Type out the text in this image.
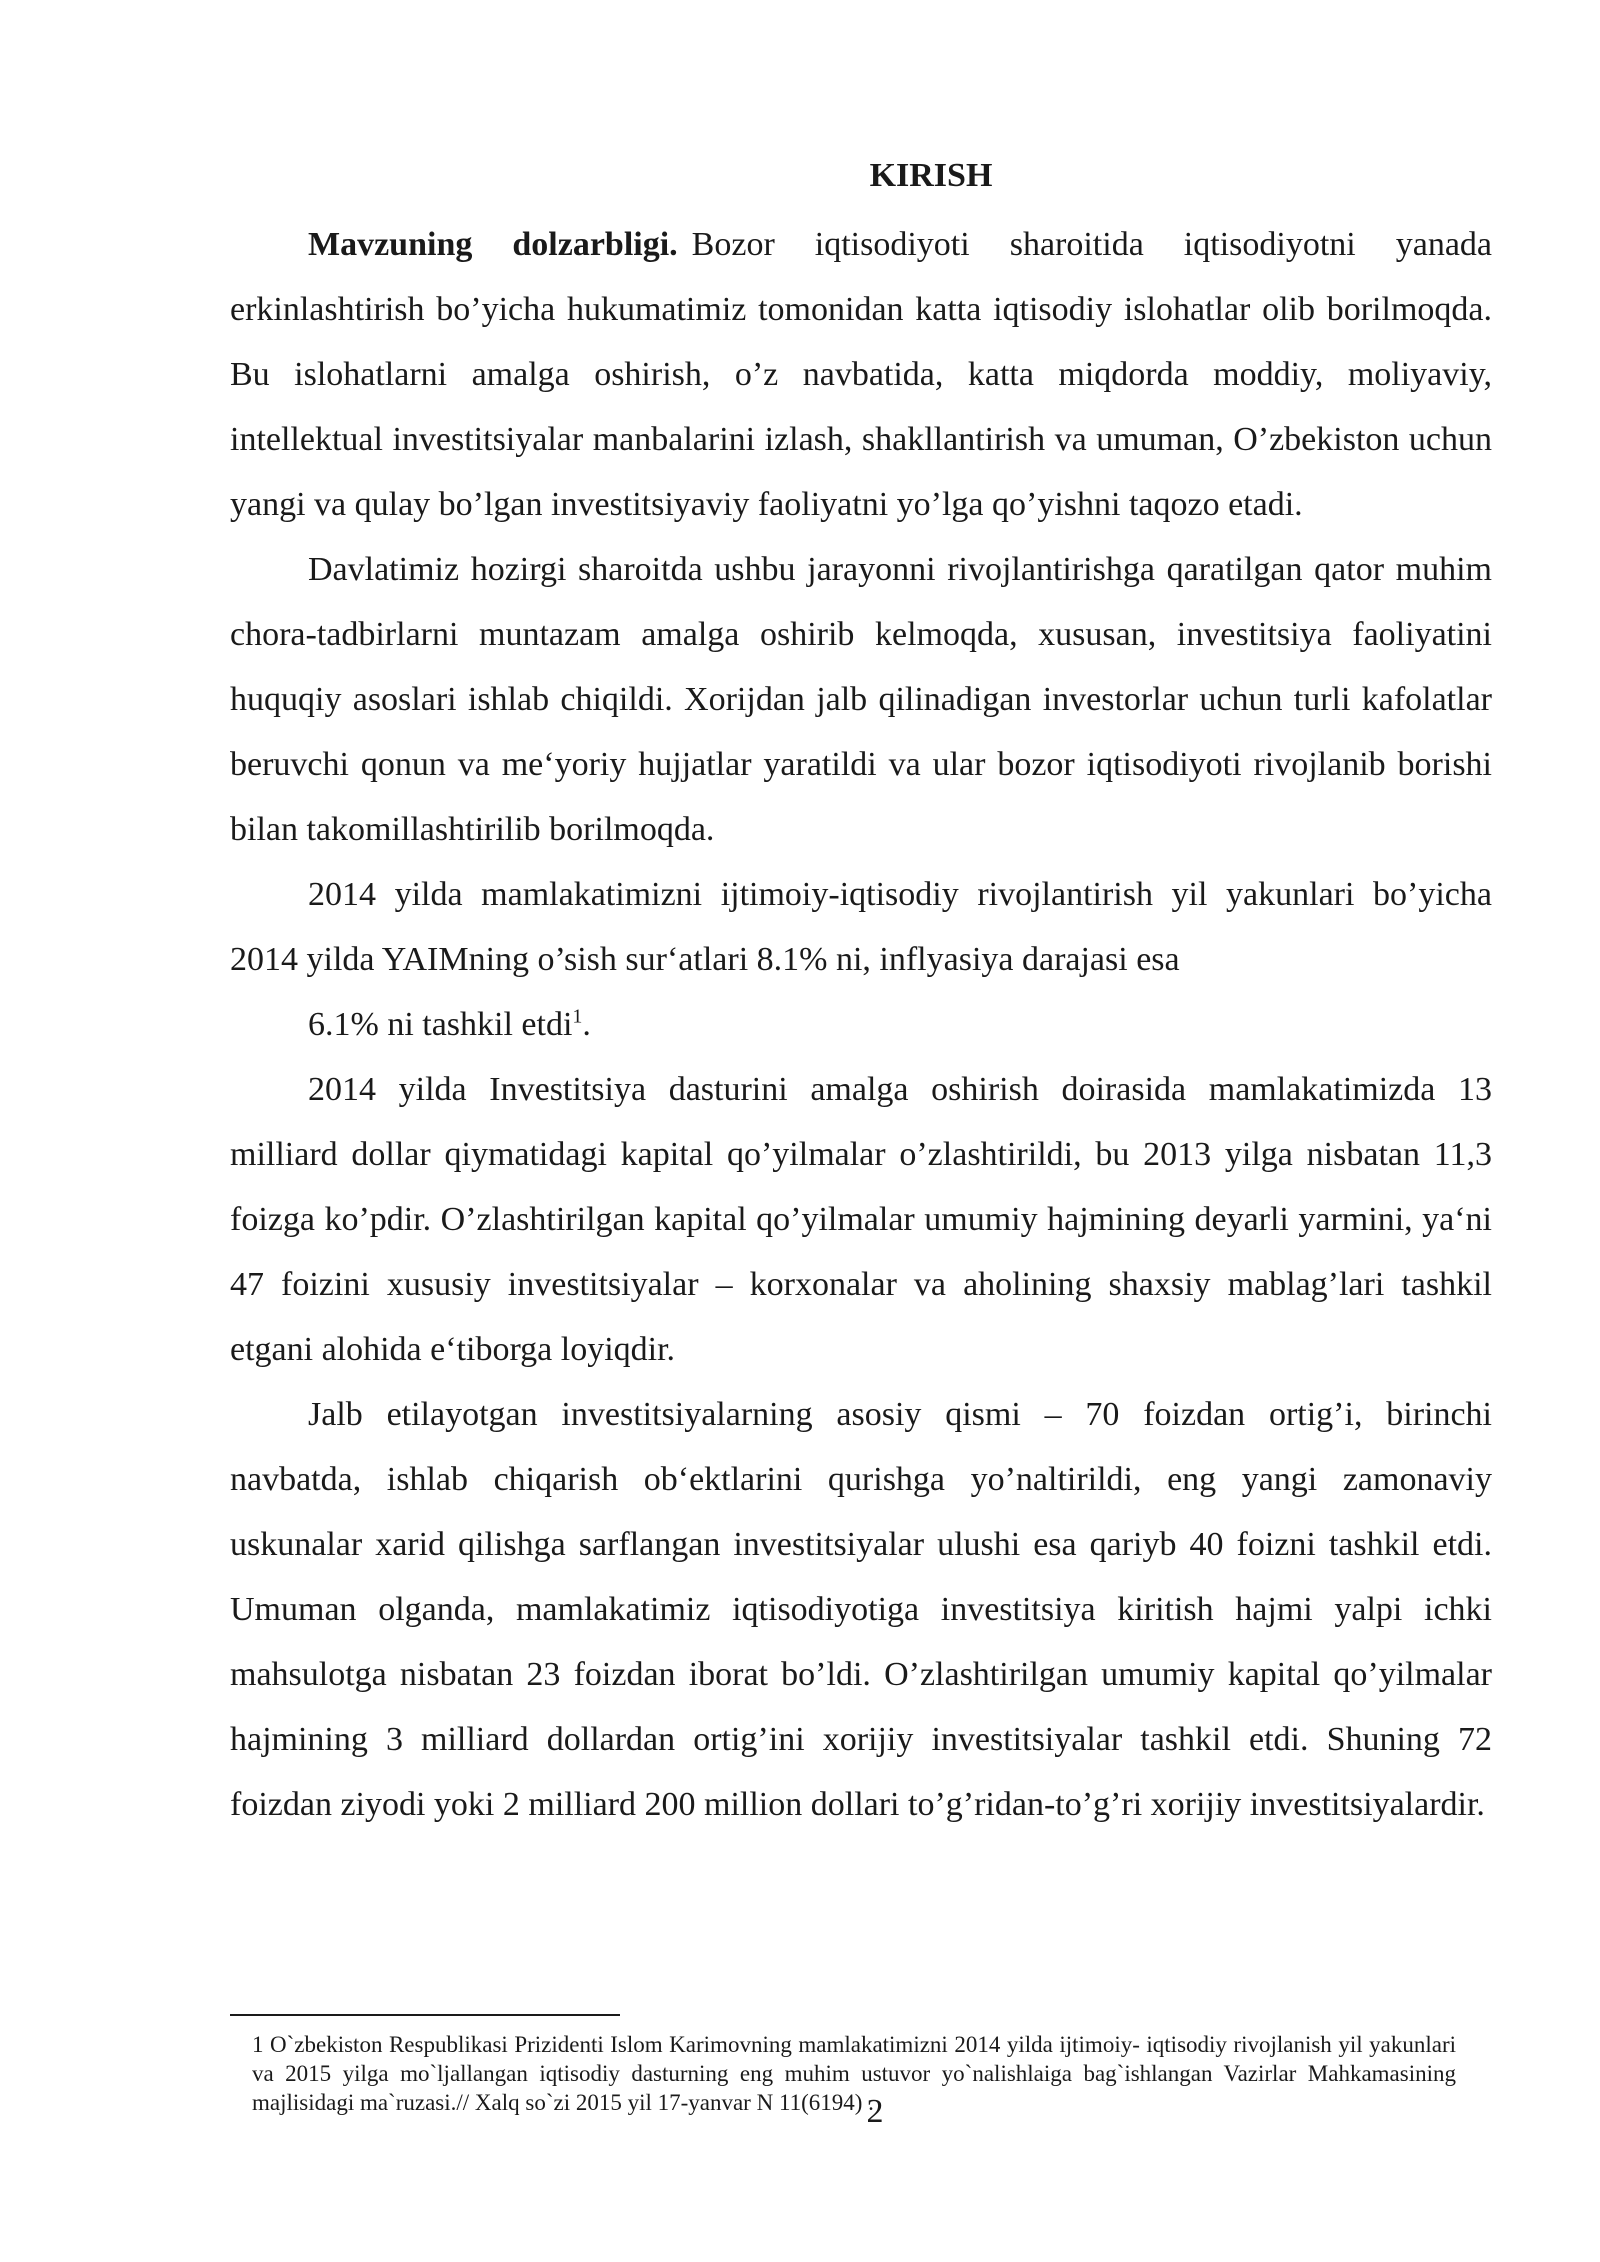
KIRISH

Mavzuning dolzarbligi. Bozor iqtisodiyoti sharoitida iqtisodiyotni yanada erkinlashtirish bo’yicha hukumatimiz tomonidan katta iqtisodiy islohatlar olib borilmoqda. Bu islohatlarni amalga oshirish, o’z navbatida, katta miqdorda moddiy, moliyaviy, intellektual investitsiyalar manbalarini izlash, shakllantirish va umuman, O’zbekiston uchun yangi va qulay bo’lgan investitsiyaviy faoliyatni yo’lga qo’yishni taqozo etadi.

Davlatimiz hozirgi sharoitda ushbu jarayonni rivojlantirishga qaratilgan qator muhim chora-tadbirlarni muntazam amalga oshirib kelmoqda, xususan, investitsiya faoliyatini huquqiy asoslari ishlab chiqildi. Xorijdan jalb qilinadigan investorlar uchun turli kafolatlar beruvchi qonun va me‘yoriy hujjatlar yaratildi va ular bozor iqtisodiyoti rivojlanib borishi bilan takomillashtirilib borilmoqda.

2014 yilda mamlakatimizni ijtimoiy-iqtisodiy rivojlantirish yil yakunlari bo’yicha 2014 yilda YAIMning o’sish sur‘atlari 8.1% ni, inflyasiya darajasi esa

6.1% ni tashkil etdi$^1$.

2014 yilda Investitsiya dasturini amalga oshirish doirasida mamlakatimizda 13 milliard dollar qiymatidagi kapital qo’yilmalar o’zlashtirildi, bu 2013 yilga nisbatan 11,3 foizga ko’pdir. O’zlashtirilgan kapital qo’yilmalar umumiy hajmining deyarli yarmini, ya‘ni 47 foizini xususiy investitsiyalar – korxonalar va aholining shaxsiy mablag’lari tashkil etgani alohida e‘tiborga loyiqdir.

Jalb etilayotgan investitsiyalarning asosiy qismi – 70 foizdan ortig’i, birinchi navbatda, ishlab chiqarish ob‘ektlarini qurishga yo’naltirildi, eng yangi zamonaviy uskunalar xarid qilishga sarflangan investitsiyalar ulushi esa qariyb 40 foizni tashkil etdi. Umuman olganda, mamlakatimiz iqtisodiyotiga investitsiya kiritish hajmi yalpi ichki mahsulotga nisbatan 23 foizdan iborat bo’ldi. O’zlashtirilgan umumiy kapital qo’yilmalar hajmining 3 milliard dollardan ortig’ini xorijiy investitsiyalar tashkil etdi. Shuning 72 foizdan ziyodi yoki 2 milliard 200 million dollari to’g’ridan-to’g’ri xorijiy investitsiyalardir.

1 O`zbekiston Respublikasi Prizidenti Islom Karimovning mamlakatimizni 2014 yilda ijtimoiy- iqtisodiy rivojlanish yil yakunlari va 2015 yilga mo`ljallangan iqtisodiy dasturning eng muhim ustuvor yo`nalishlaiga bag`ishlangan Vazirlar Mahkamasining majlisidagi ma`ruzasi.// Xalq so`zi 2015 yil 17-yanvar N 11(6194) .
2
